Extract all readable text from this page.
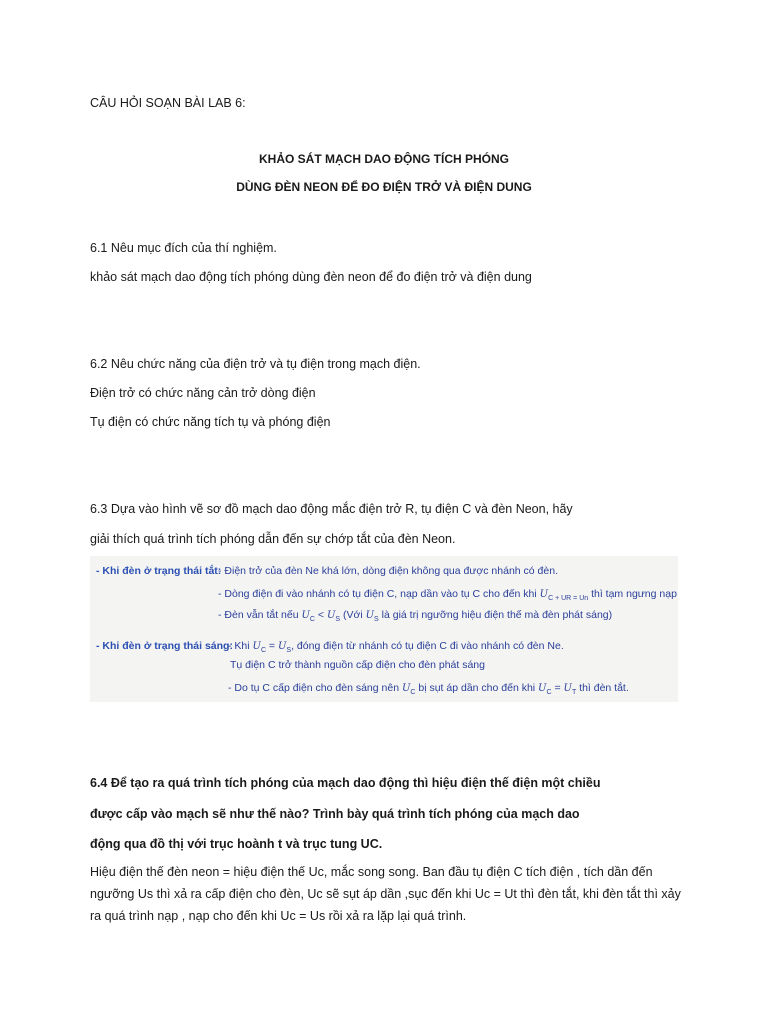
CÂU HỎI SOẠN BÀI LAB 6:
KHẢO SÁT MẠCH DAO ĐỘNG TÍCH PHÓNG
DÙNG ĐÈN NEON ĐỂ ĐO ĐIỆN TRỞ VÀ ĐIỆN DUNG
6.1 Nêu mục đích của thí nghiệm.
khảo sát mạch dao động tích phóng dùng đèn neon để đo điện trở và điện dung
6.2 Nêu chức năng của điện trở và tụ điện trong mạch điện.
Điện trở có chức năng cản trở dòng điện
Tụ điện có chức năng tích tụ và phóng điện
6.3 Dựa vào hình vẽ sơ đồ mạch dao động mắc điện trở R, tụ điện C và đèn Neon, hãy
giải thích quá trình tích phóng dẫn đến sự chớp tắt của đèn Neon.
- Khi đèn ở trạng thái tắt:
- Điện trở của đèn Ne khá lớn, dòng điện không qua được nhánh có đèn.
- Dòng điện đi vào nhánh có tụ điện C, nạp dần vào tụ C cho đến khi $U_{C + UR = Un}$ thì tạm ngưng nạp
- Đèn vẫn tắt nếu $U_C < U_S$ (Với $U_S$ là giá trị ngưỡng hiệu điện thế mà đèn phát sáng)
- Khi đèn ở trạng thái sáng:
- Khi $U_C = U_S$, đóng điện từ nhánh có tụ điện C đi vào nhánh có đèn Ne.
Tụ điện C trở thành nguồn cấp điện cho đèn phát sáng
- Do tụ C cấp điện cho đèn sáng nên $U_C$ bị sụt áp dần cho đến khi $U_C = U_T$ thì đèn tắt.
6.4 Để tạo ra quá trình tích phóng của mạch dao động thì hiệu điện thế điện một chiều
được cấp vào mạch sẽ như thế nào? Trình bày quá trình tích phóng của mạch dao
động qua đồ thị với trục hoành t và trục tung UC.
Hiệu điện thế đèn neon = hiệu điện thế Uc, mắc song song. Ban đầu tụ điện C tích điện , tích dần đến ngưỡng Us thì xả ra cấp điện cho đèn, Uc sẽ sụt áp dần ,sục đến khi Uc = Ut thì đèn tắt, khi đèn tắt thì xảy ra quá trình nạp , nạp cho đến khi Uc = Us rồi xả ra lặp lại quá trình.
